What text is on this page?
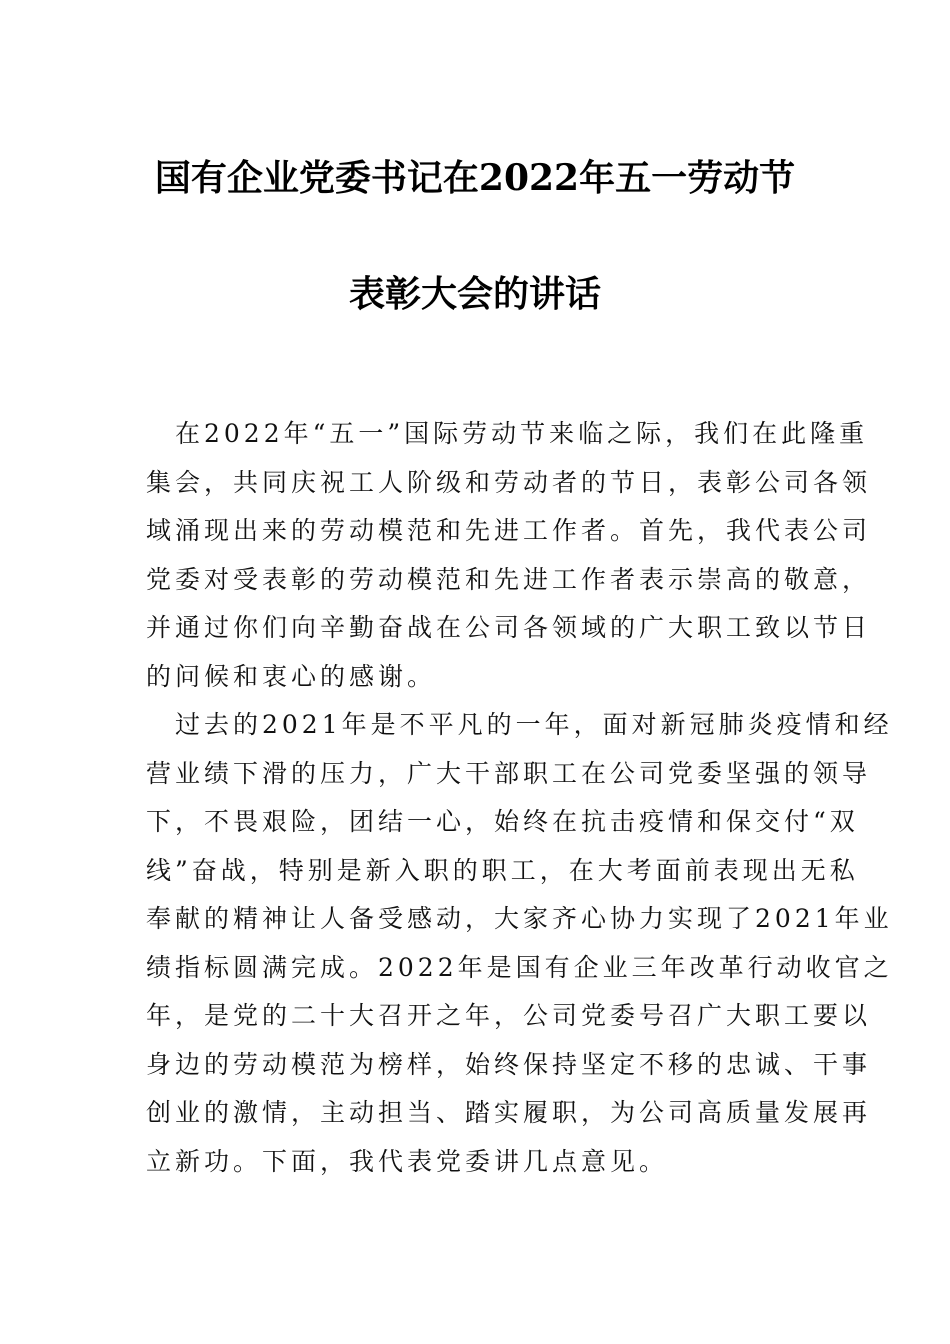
国有企业党委书记在2022年五一劳动节
表彰大会的讲话
　在2022年“五一”国际劳动节来临之际，我们在此隆重
集会，共同庆祝工人阶级和劳动者的节日，表彰公司各领
域涌现出来的劳动模范和先进工作者。首先，我代表公司
党委对受表彰的劳动模范和先进工作者表示崇高的敬意，
并通过你们向辛勤奋战在公司各领域的广大职工致以节日
的问候和衷心的感谢。
　过去的2021年是不平凡的一年，面对新冠肺炎疫情和经
营业绩下滑的压力，广大干部职工在公司党委坚强的领导
下，不畏艰险，团结一心，始终在抗击疫情和保交付“双
线”奋战，特别是新入职的职工，在大考面前表现出无私
奉献的精神让人备受感动，大家齐心协力实现了2021年业
绩指标圆满完成。2022年是国有企业三年改革行动收官之
年，是党的二十大召开之年，公司党委号召广大职工要以
身边的劳动模范为榜样，始终保持坚定不移的忠诚、干事
创业的激情，主动担当、踏实履职，为公司高质量发展再
立新功。下面，我代表党委讲几点意见。
